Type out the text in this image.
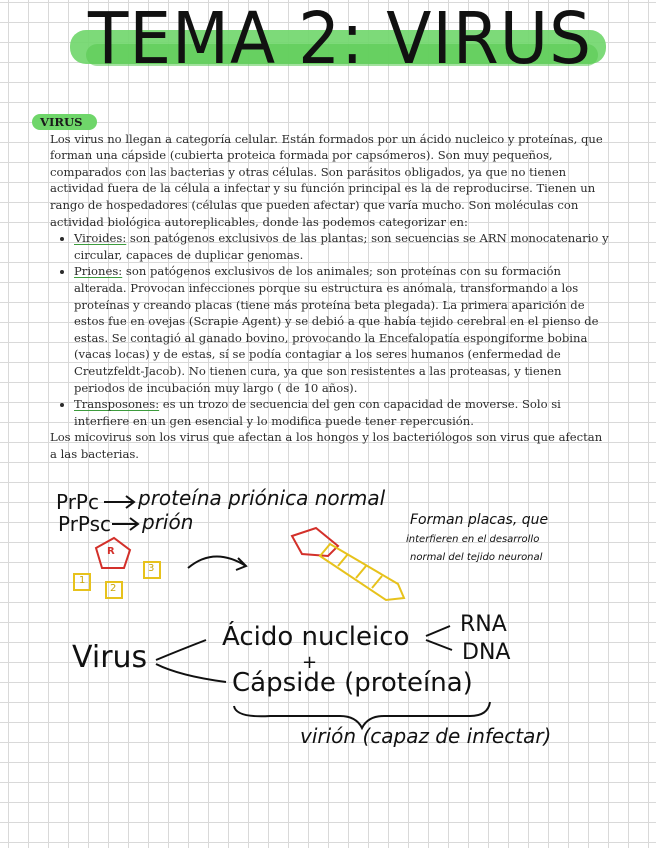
TEMA 2: VIRUS
VIRUS

Los virus no llegan a categoría celular. Están formados por un ácido nucleico y proteínas, que forman una cápside (cubierta proteica formada por capsómeros). Son muy pequeños, comparados con las bacterias y otras células. Son parásitos obligados, ya que no tienen actividad fuera de la célula a infectar y su función principal es la de reproducirse. Tienen un rango de hospedadores (células que pueden afectar) que varía mucho. Son moléculas con actividad biológica autoreplicables, donde las podemos categorizar en:

• Viroides: son patógenos exclusivos de las plantas; son secuencias se ARN monocatenario y circular, capaces de duplicar genomas.
• Priones: son patógenos exclusivos de los animales; son proteínas con su formación alterada. Provocan infecciones porque su estructura es anómala, transformando a los proteínas y creando placas (tiene más proteína beta plegada). La primera aparición de estos fue en ovejas (Scrapie Agent) y se debió a que había tejido cerebral en el pienso de estas. Se contagió al ganado bovino, provocando la Encefalopatía espongiforme bobina (vacas locas) y de estas, sí se podía contagiar a los seres humanos (enfermedad de Creutzfeldt-Jacob). No tienen cura, ya que son resistentes a las proteasas, y tienen periodos de incubación muy largo ( de 10 años).
• Transposones: es un trozo de secuencia del gen con capacidad de moverse. Solo si interfiere en un gen esencial y lo modifica puede tener repercusión.

Los micovirus son los virus que afectan a los hongos y los bacteriólogos son virus que afectan a las bacterias.

PrPc proteína priónica normal
PrPsc prión
R
3
1
2
Forman placas, que
interfieren en el desarrollo
normal del tejido neuronal
Virus
Ácido nucleico
+
Cápside (proteína)
RNA
DNA
virión (capaz de infectar)
